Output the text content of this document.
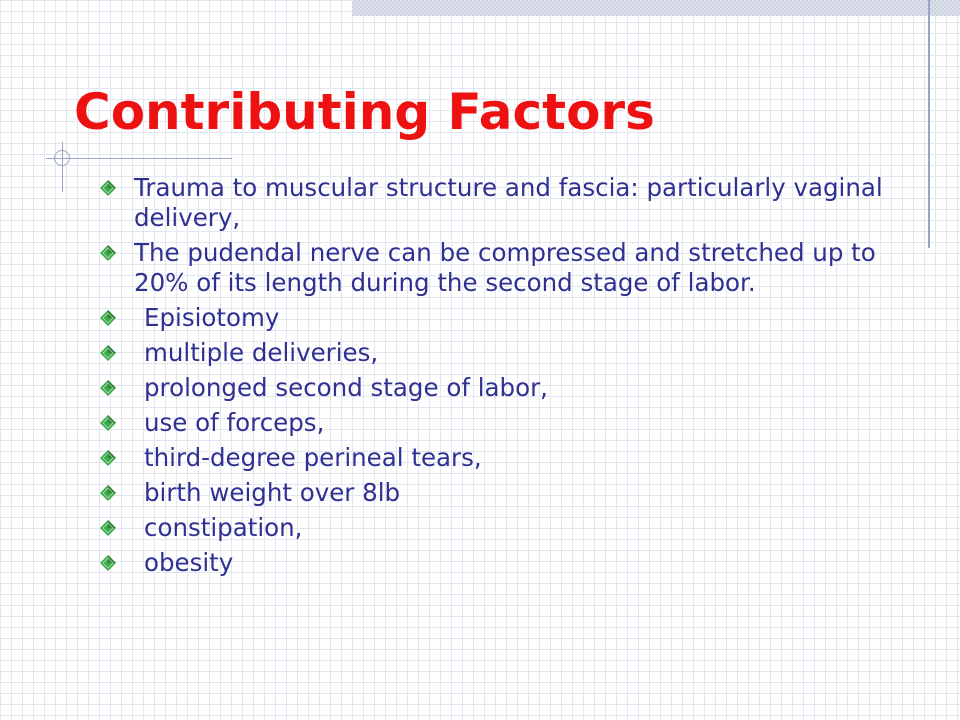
Contributing Factors
Trauma to muscular structure and fascia: particularly vaginal delivery,
The pudendal nerve can be compressed and stretched up to 20% of its length during the second stage of labor.
Episiotomy
multiple deliveries,
prolonged second stage of labor,
use of forceps,
third-degree perineal tears,
birth weight over 8lb
constipation,
obesity
